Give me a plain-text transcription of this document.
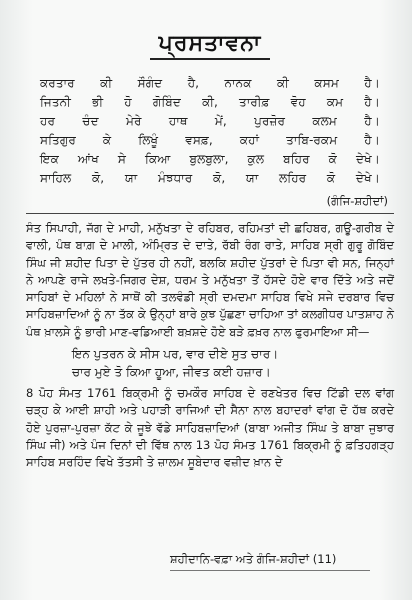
ਪ੍ਰਸਤਾਵਨਾ
ਕਰਤਾਰ ਕੀ ਸੌਗੰਦ ਹੈ, ਨਾਨਕ ਕੀ ਕਸਮ ਹੈ।
ਜਿਤਨੀ ਭੀ ਹੋ ਗੋਬਿੰਦ ਕੀ, ਤਾਰੀਫ਼ ਵੋਹ ਕਮ ਹੈ।
ਹਰ ਚੰਦ ਮੇਰੇ ਹਾਥ ਮੇਂ, ਪੁਰਜ਼ੋਰ ਕਲਮ ਹੈ।
ਸਤਿਗੁਰ ਕੇ ਲਿਖੂੰ ਵਸਫ਼, ਕਹਾਂ ਤਾਬਿ-ਰਕਮ ਹੈ।
ਇਕ ਆਂਖ ਸੇ ਕਿਆ ਬੁਲਬੁਲਾ, ਕੁਲ ਬਹਿਰ ਕੋ ਦੇਖੇ।
ਸਾਹਿਲ ਕੋ, ਯਾ ਮੰਝਧਾਰ ਕੋ, ਯਾ ਲਹਿਰ ਕੋ ਦੇਖੇ।
(ਗੰਜਿ-ਸ਼ਹੀਦਾਂ)

ਸੰਤ ਸਿਪਾਹੀ, ਜੱਗ ਦੇ ਮਾਹੀ, ਮਨੁੱਖਤਾ ਦੇ ਰਹਿਬਰ, ਰਹਿਮਤਾਂ ਦੀ ਛਹਿਬਰ, ਗਊ-ਗਰੀਬ ਦੇ ਵਾਲੀ, ਪੰਥ ਬਾਗ਼ ਦੇ ਮਾਲੀ, ਅੰਮ੍ਰਿਤ ਦੇ ਦਾਤੇ, ਰੱਬੀ ਰੰਗ ਰਾਤੇ, ਸਾਹਿਬ ਸ੍ਰੀ ਗੁਰੂ ਗੋਬਿੰਦ ਸਿੰਘ ਜੀ ਸ਼ਹੀਦ ਪਿਤਾ ਦੇ ਪੁੱਤਰ ਹੀ ਨਹੀਂ, ਬਲਕਿ ਸ਼ਹੀਦ ਪੁੱਤਰਾਂ ਦੇ ਪਿਤਾ ਵੀ ਸਨ, ਜਿਨ੍ਹਾਂ ਨੇ ਆਪਣੇ ਰਾਜੇ ਲਖਤੇ-ਜਿਗਰ ਦੇਸ਼, ਧਰਮ ਤੇ ਮਨੁੱਖਤਾ ਤੋਂ ਹੱਸਦੇ ਹੋਏ ਵਾਰ ਦਿੱਤੇ ਅਤੇ ਜਦੋਂ ਸਾਹਿਬਾਂ ਦੇ ਮਹਿਲਾਂ ਨੇ ਸਾਥੋਂ ਕੀ ਤਲਵੰਡੀ ਸ੍ਰੀ ਦਮਦਮਾ ਸਾਹਿਬ ਵਿਖੇ ਸਜੇ ਦਰਬਾਰ ਵਿਚ ਸਾਹਿਬਜ਼ਾਦਿਆਂ ਨੂੰ ਨਾ ਤੱਕ ਕੇ ਉਨ੍ਹਾਂ ਬਾਰੇ ਕੁਝ ਪੁੱਛਣਾ ਚਾਹਿਆ ਤਾਂ ਕਲਗੀਧਰ ਪਾਤਸ਼ਾਹ ਨੇ ਪੰਥ ਖ਼ਾਲਸੇ ਨੂੰ ਭਾਰੀ ਮਾਣ-ਵਡਿਆਈ ਬਖ਼ਸ਼ਦੇ ਹੋਏ ਬੜੇ ਫ਼ਖ਼ਰ ਨਾਲ ਫੁਰਮਾਇਆ ਸੀ—

ਇਨ ਪੁਤਰਨ ਕੇ ਸੀਸ ਪਰ, ਵਾਰ ਦੀਏ ਸੁਤ ਚਾਰ।
ਚਾਰ ਮੁਏ ਤੋ ਕਿਆ ਹੂਆ, ਜੀਵਤ ਕਈ ਹਜ਼ਾਰ।

8 ਪੋਹ ਸੰਮਤ 1761 ਬਿਕ੍ਰਮੀ ਨੂੰ ਚਮਕੌਰ ਸਾਹਿਬ ਦੇ ਰਣਖੇਤਰ ਵਿਚ ਟਿੱਡੀ ਦਲ ਵਾਂਗ ਚੜ੍ਹ ਕੇ ਆਈ ਸ਼ਾਹੀ ਅਤੇ ਪਹਾੜੀ ਰਾਜਿਆਂ ਦੀ ਸੈਨਾ ਨਾਲ ਬਹਾਦਰਾਂ ਵਾਂਗ ਦੋ ਹੱਥ ਕਰਦੇ ਹੋਏ ਪੁਰਜ਼ਾ-ਪੁਰਜ਼ਾ ਕੱਟ ਕੇ ਜੂਝੇ ਵੱਡੇ ਸਾਹਿਬਜ਼ਾਦਿਆਂ (ਬਾਬਾ ਅਜੀਤ ਸਿੰਘ ਤੇ ਬਾਬਾ ਜੁਝਾਰ ਸਿੰਘ ਜੀ) ਅਤੇ ਪੰਜ ਦਿਨਾਂ ਦੀ ਵਿੱਥ ਨਾਲ 13 ਪੋਹ ਸੰਮਤ 1761 ਬਿਕ੍ਰਮੀ ਨੂੰ ਫ਼ਤਿਹਗੜ੍ਹ ਸਾਹਿਬ ਸਰਹਿੰਦ ਵਿਖੇ ਤੱਤਸੀ ਤੇ ਜ਼ਾਲਮ ਸੂਬੇਦਾਰ ਵਜ਼ੀਦ ਖ਼ਾਨ ਦੇ

ਸ਼ਹੀਦਾਨਿ-ਵਫ਼ਾ ਅਤੇ ਗੰਜਿ-ਸ਼ਹੀਦਾਂ (11)
